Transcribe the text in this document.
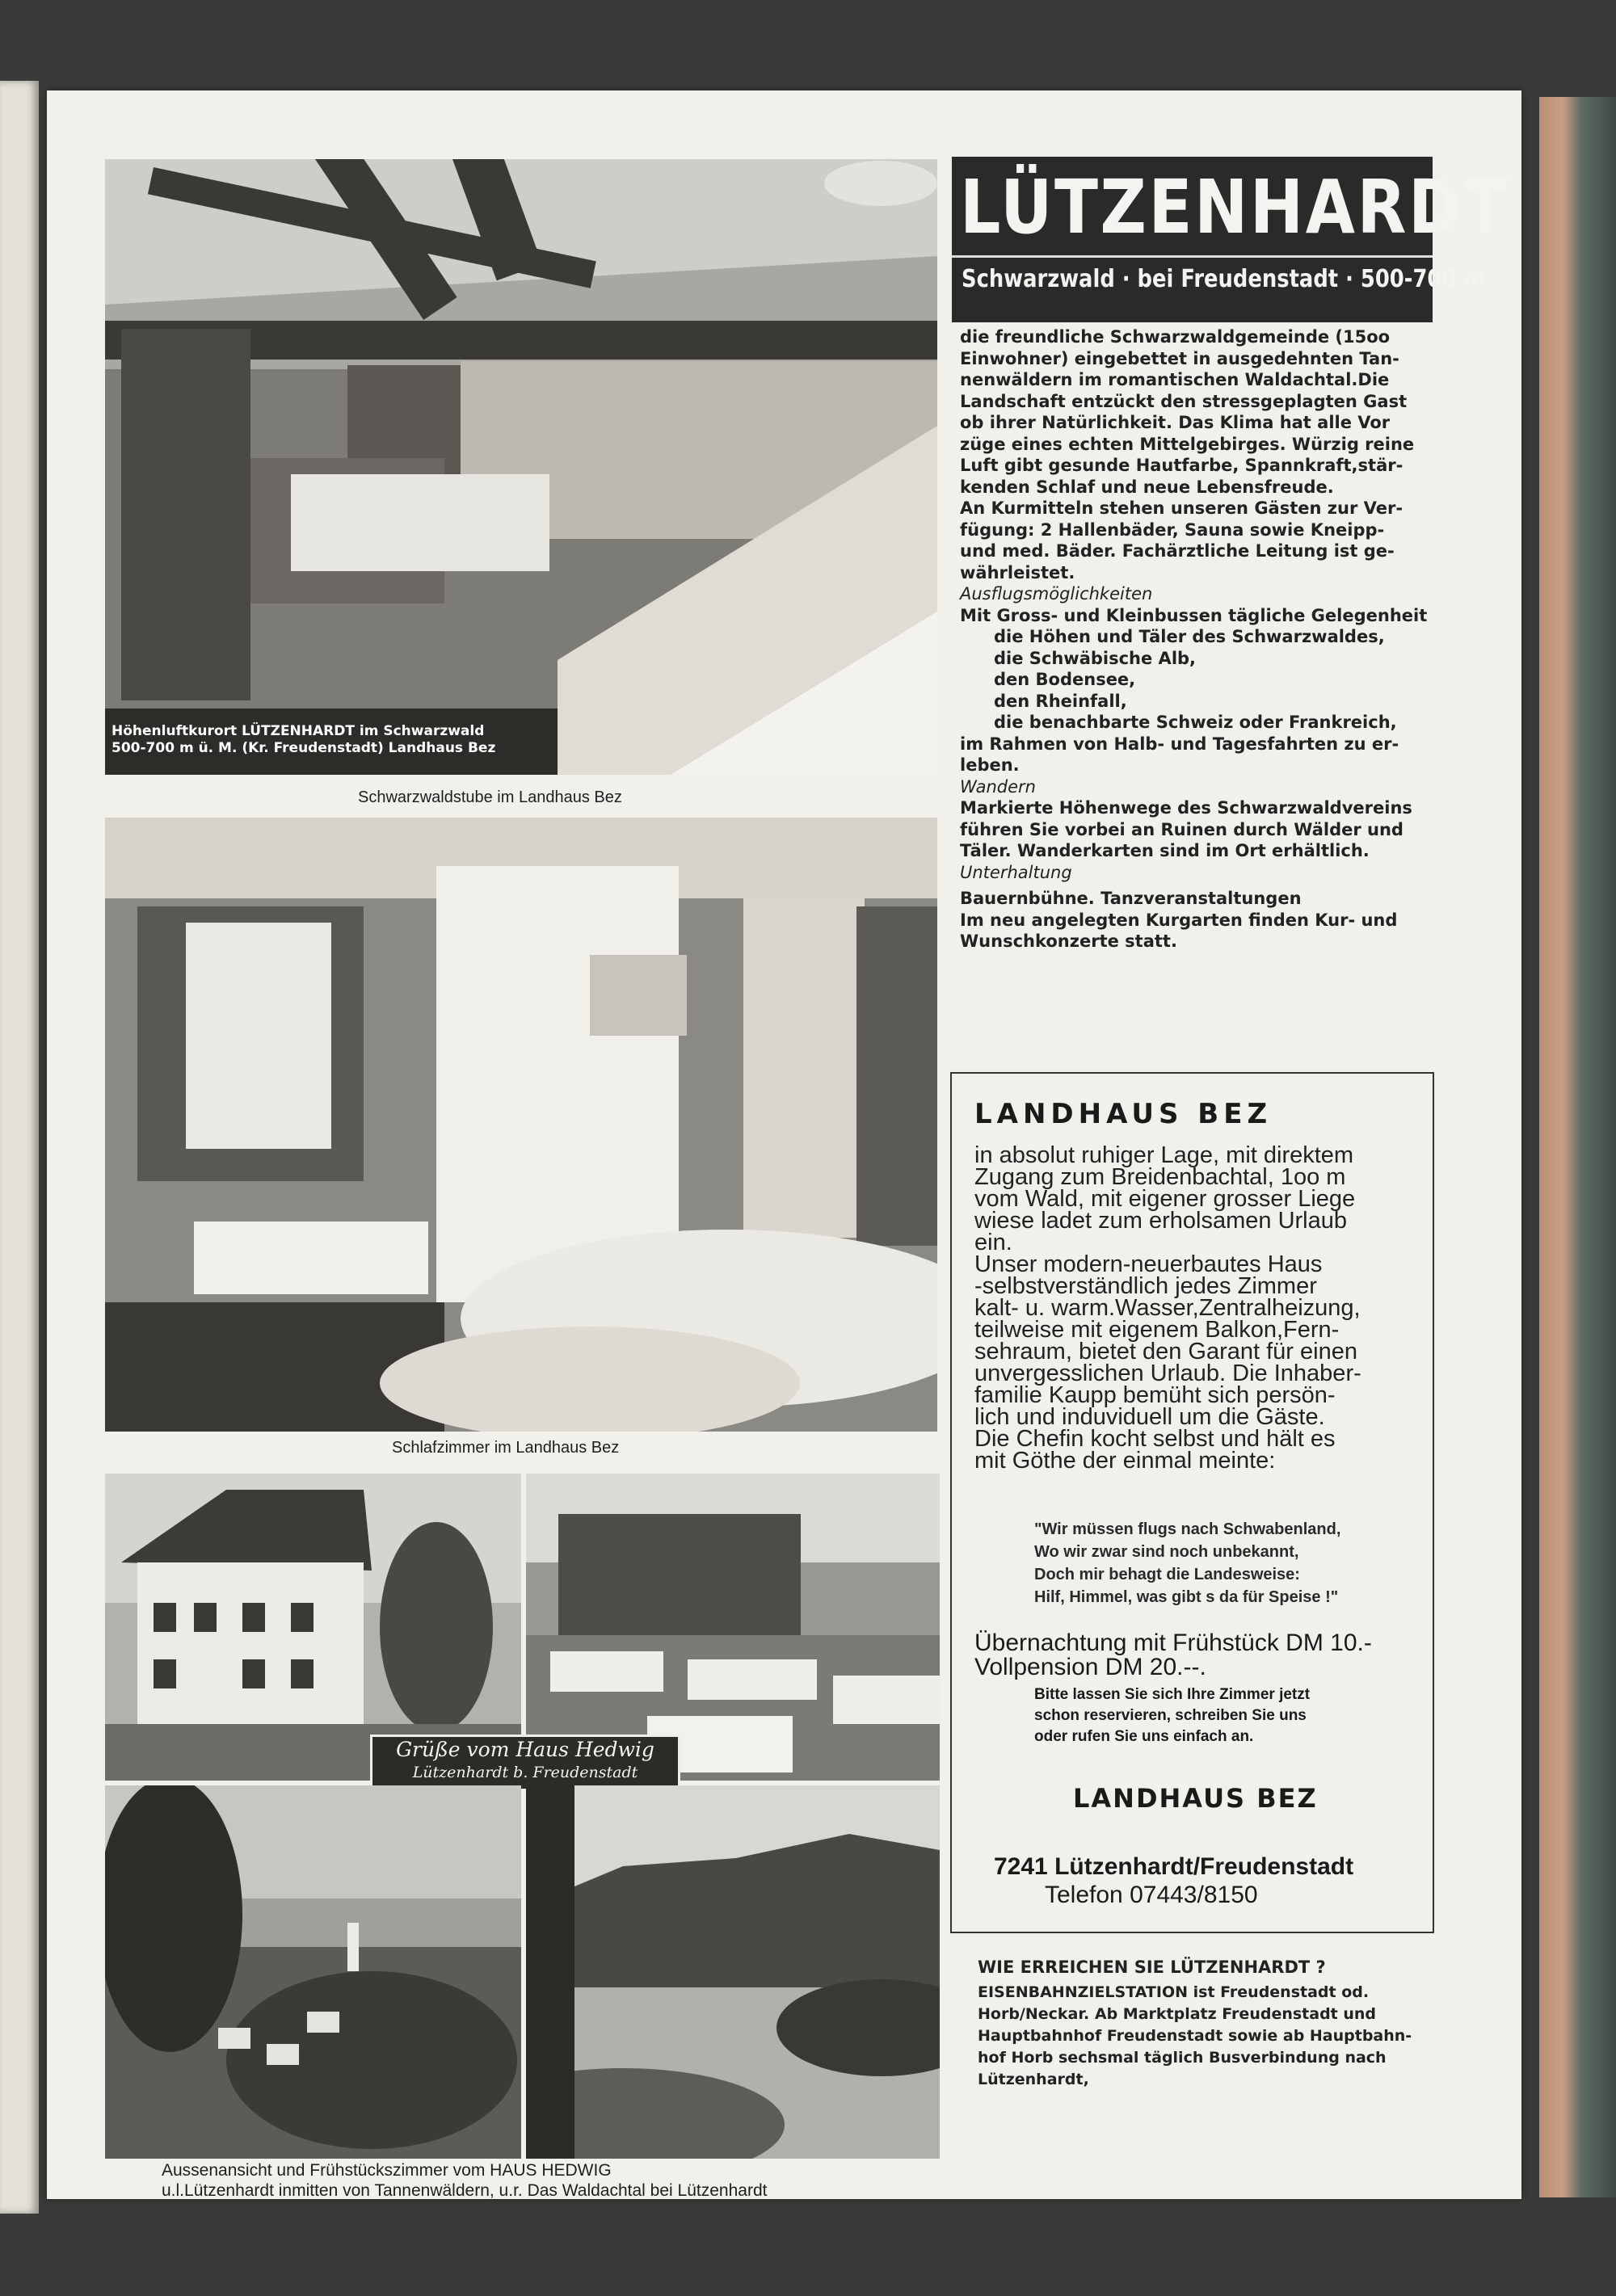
Höhenluftkurort LÜTZENHARDT im Schwarzwald
500-700 m ü. M. (Kr. Freudenstadt) Landhaus Bez
Schwarzwaldstube im Landhaus Bez
Schlafzimmer im Landhaus Bez
Grüße vom Haus Hedwig
Lützenhardt b. Freudenstadt
Aussenansicht und Frühstückszimmer vom HAUS HEDWIG
u.l.Lützenhardt inmitten von Tannenwäldern, u.r. Das Waldachtal bei Lützenhardt
LÜTZENHARDT
Schwarzwald · bei Freudenstadt · 500-700 m

die freundliche Schwarzwaldgemeinde (15oo

Einwohner) eingebettet in ausgedehnten Tan-

nenwäldern im romantischen Waldachtal.Die

Landschaft entzückt den stressgeplagten Gast

ob ihrer Natürlichkeit. Das Klima hat alle Vor

züge eines echten Mittelgebirges. Würzig reine

Luft gibt gesunde Hautfarbe, Spannkraft,stär-

kenden Schlaf und neue Lebensfreude.

An Kurmitteln stehen unseren Gästen zur Ver-

fügung: 2 Hallenbäder, Sauna sowie Kneipp-

und med. Bäder. Fachärztliche Leitung ist ge-

währleistet.

Ausflugsmöglichkeiten

Mit Gross- und Kleinbussen tägliche Gelegenheit

die Höhen und Täler des Schwarzwaldes,

die Schwäbische Alb,

den Bodensee,

den Rheinfall,

die benachbarte Schweiz oder Frankreich,

im Rahmen von Halb- und Tagesfahrten zu er-

leben.

Wandern

Markierte Höhenwege des Schwarzwaldvereins

führen Sie vorbei an Ruinen durch Wälder und

Täler. Wanderkarten sind im Ort erhältlich.

Unterhaltung

Bauernbühne. Tanzveranstaltungen

Im neu angelegten Kurgarten finden Kur- und

Wunschkonzerte statt.

LANDHAUS BEZ
in absolut ruhiger Lage, mit direktem
Zugang zum Breidenbachtal, 1oo m
vom Wald, mit eigener grosser Liege
wiese ladet zum erholsamen Urlaub
ein.
Unser modern-neuerbautes Haus
-selbstverständlich jedes Zimmer
kalt- u. warm.Wasser,Zentralheizung,
teilweise mit eigenem Balkon,Fern-
sehraum, bietet den Garant für einen
unvergesslichen Urlaub. Die Inhaber-
familie Kaupp bemüht sich persön-
lich und induviduell um die Gäste.
Die Chefin kocht selbst und hält es
mit Göthe der einmal meinte:
"Wir müssen flugs nach Schwabenland,
Wo wir zwar sind noch unbekannt,
Doch mir behagt die Landesweise:
Hilf, Himmel, was gibt s da für Speise !"
Übernachtung mit Frühstück DM 10.-
Vollpension DM 20.--.
Bitte lassen Sie sich Ihre Zimmer jetzt
schon reservieren, schreiben Sie uns
oder rufen Sie uns einfach an.
LANDHAUS BEZ
7241 Lützenhardt/Freudenstadt
Telefon 07443/8150
WIE ERREICHEN SIE LÜTZENHARDT ?
EISENBAHNZIELSTATION ist Freudenstadt od.
Horb/Neckar. Ab Marktplatz Freudenstadt und
Hauptbahnhof Freudenstadt sowie ab Hauptbahn-
hof Horb sechsmal täglich Busverbindung nach
Lützenhardt,
